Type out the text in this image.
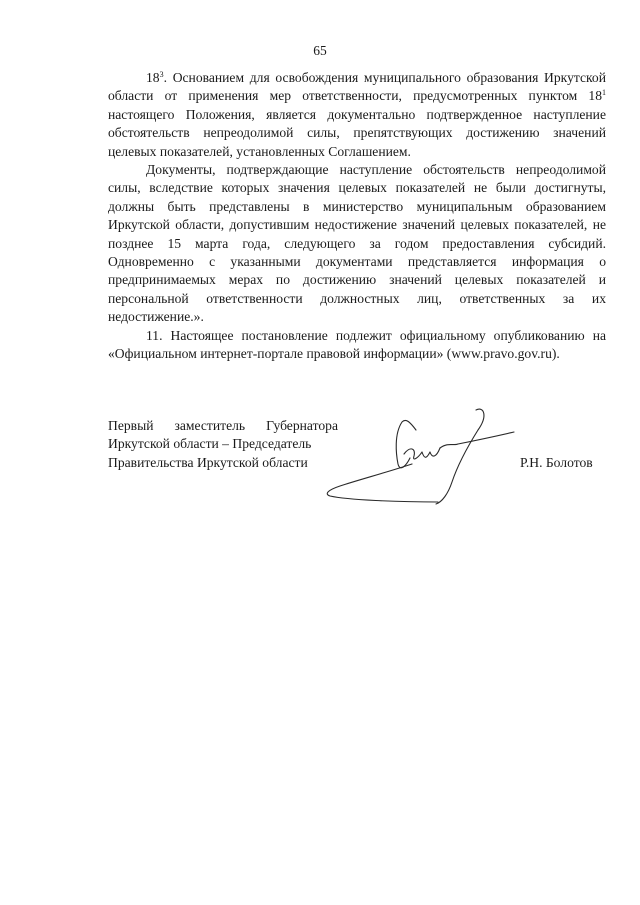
65

$18^3$. Основанием для освобождения муниципального образования Иркутской области от применения мер ответственности, предусмотренных пунктом $18^1$ настоящего Положения, является документально подтвержденное наступление обстоятельств непреодолимой силы, препятствующих достижению значений целевых показателей, установленных Соглашением.

Документы, подтверждающие наступление обстоятельств непреодолимой силы, вследствие которых значения целевых показателей не были достигнуты, должны быть представлены в министерство муниципальным образованием Иркутской области, допустившим недостижение значений целевых показателей, не позднее 15 марта года, следующего за годом предоставления субсидий. Одновременно с указанными документами представляется информация о предпринимаемых мерах по достижению значений целевых показателей и персональной ответственности должностных лиц, ответственных за их недостижение.».

11. Настоящее постановление подлежит официальному опубликованию на «Официальном интернет-портале правовой информации» (www.pravo.gov.ru).

Первый заместитель Губернатора
Иркутской области – Председатель
Правительства Иркутской области	Р.Н. Болотов
